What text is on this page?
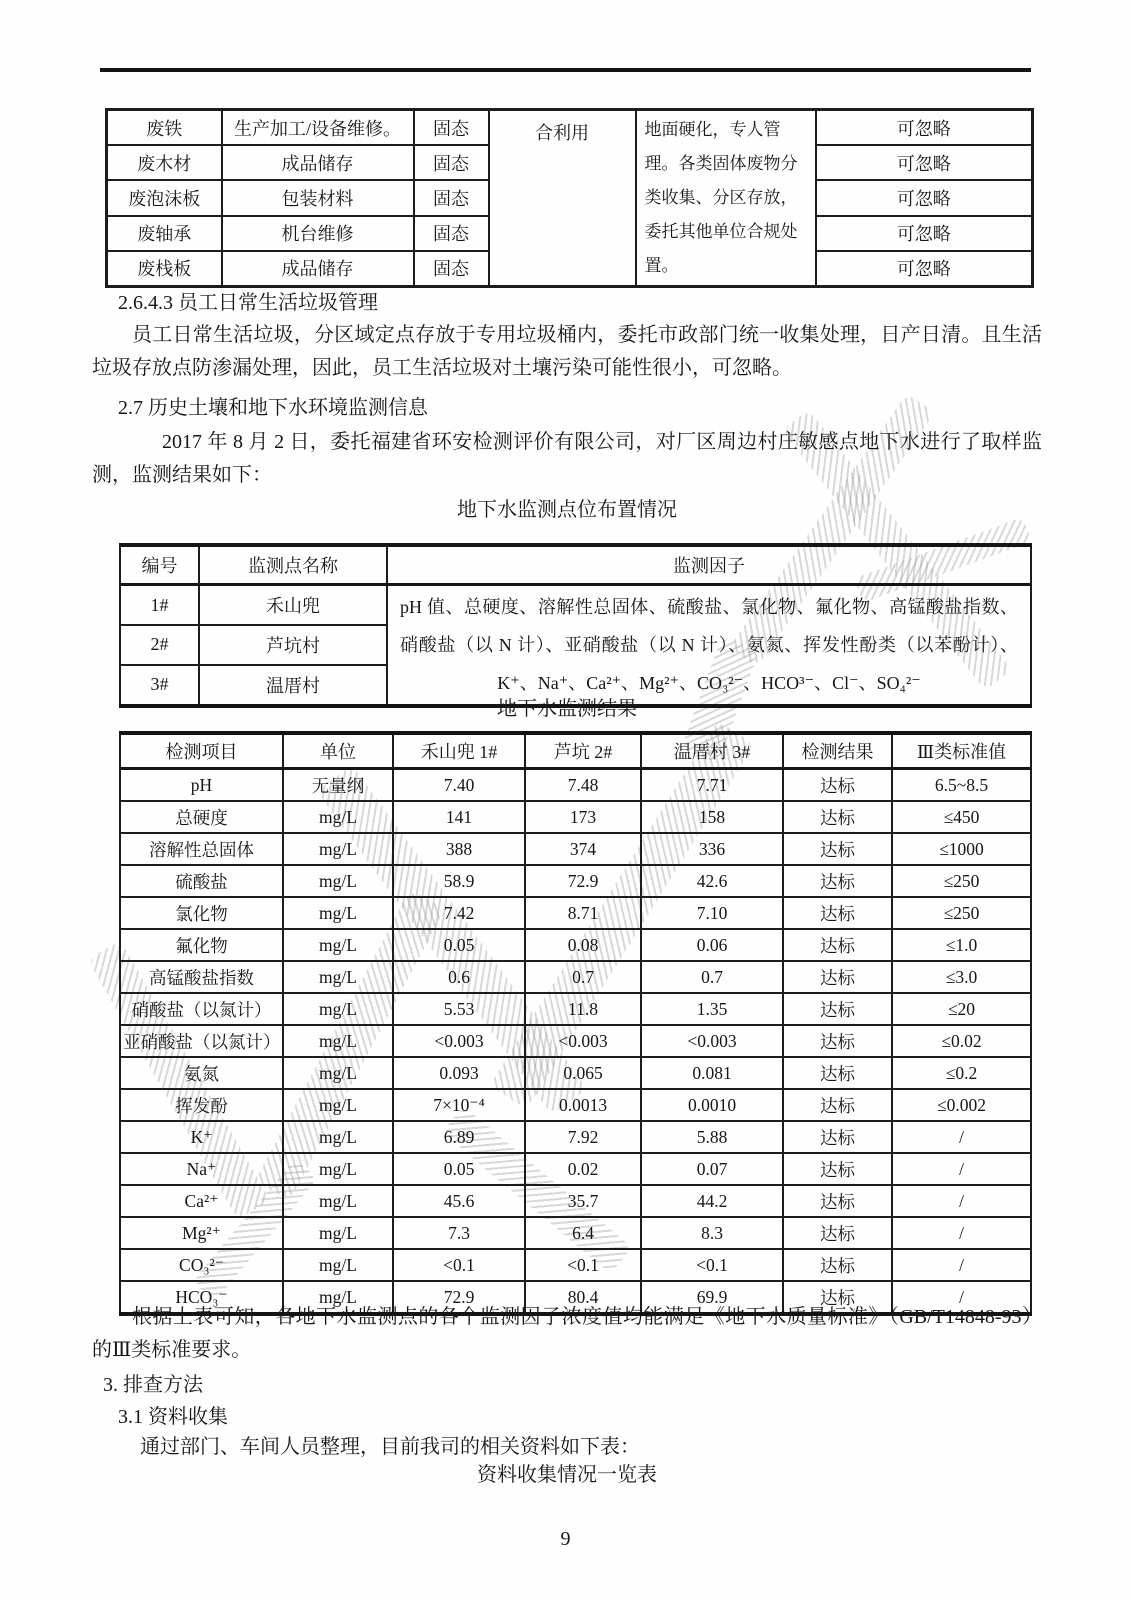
废铁	生产加工/设备维修。	固态	合利用	地面硬化，专人管理。各类固体废物分类收集、分区存放，委托其他单位合规处置。	可忽略
废木材	成品储存	固态			可忽略
废泡沫板	包装材料	固态			可忽略
废轴承	机台维修	固态			可忽略
废栈板	成品储存	固态			可忽略
2.6.4.3 员工日常生活垃圾管理
员工日常生活垃圾，分区域定点存放于专用垃圾桶内，委托市政部门统一收集处理，日产日清。且生活垃圾存放点防渗漏处理，因此，员工生活垃圾对土壤污染可能性很小，可忽略。
2.7 历史土壤和地下水环境监测信息
2017 年 8 月 2 日，委托福建省环安检测评价有限公司，对厂区周边村庄敏感点地下水进行了取样监测，监测结果如下：
地下水监测点位布置情况
编号	监测点名称	监测因子
1#	禾山兜	pH 值、总硬度、溶解性总固体、硫酸盐、氯化物、氟化物、高锰酸盐指数、硝酸盐（以 N 计）、亚硝酸盐（以 N 计）、氨氮、挥发性酚类（以苯酚计）、K⁺、Na⁺、Ca²⁺、Mg²⁺、CO₃²⁻、HCO³⁻、Cl⁻、SO₄²⁻
2#	芦坑村	
3#	温厝村	
地下水监测结果
检测项目	单位	禾山兜 1#	芦坑 2#	温厝村 3#	检测结果	Ⅲ类标准值
pH	无量纲	7.40	7.48	7.71	达标	6.5~8.5
总硬度	mg/L	141	173	158	达标	≤450
溶解性总固体	mg/L	388	374	336	达标	≤1000
硫酸盐	mg/L	58.9	72.9	42.6	达标	≤250
氯化物	mg/L	7.42	8.71	7.10	达标	≤250
氟化物	mg/L	0.05	0.08	0.06	达标	≤1.0
高锰酸盐指数	mg/L	0.6	0.7	0.7	达标	≤3.0
硝酸盐（以氮计）	mg/L	5.53	11.8	1.35	达标	≤20
亚硝酸盐（以氮计）	mg/L	<0.003	<0.003	<0.003	达标	≤0.02
氨氮	mg/L	0.093	0.065	0.081	达标	≤0.2
挥发酚	mg/L	7×10⁻⁴	0.0013	0.0010	达标	≤0.002
K⁺	mg/L	6.89	7.92	5.88	达标	/
Na⁺	mg/L	0.05	0.02	0.07	达标	/
Ca²⁺	mg/L	45.6	35.7	44.2	达标	/
Mg²⁺	mg/L	7.3	6.4	8.3	达标	/
CO₃²⁻	mg/L	<0.1	<0.1	<0.1	达标	/
HCO₃⁻	mg/L	72.9	80.4	69.9	达标	/
根据上表可知，各地下水监测点的各个监测因子浓度值均能满足《地下水质量标准》（GB/T14848-93）的Ⅲ类标准要求。
3. 排查方法
3.1 资料收集
通过部门、车间人员整理，目前我司的相关资料如下表：
资料收集情况一览表
9
